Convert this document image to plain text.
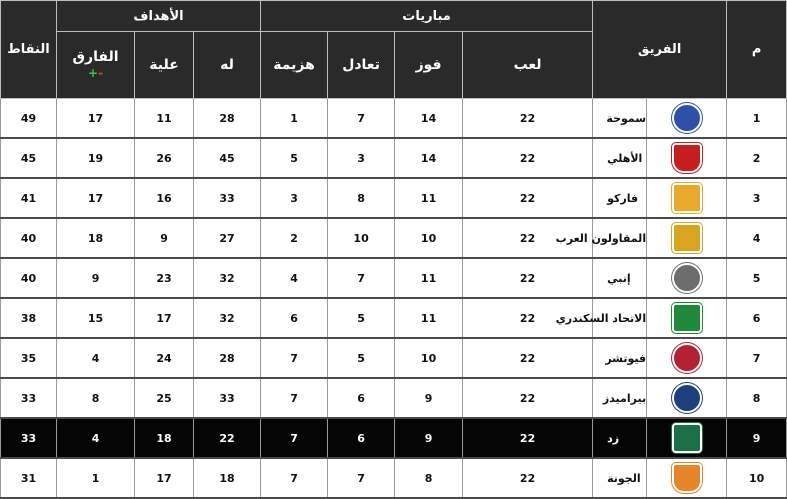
م	الفريق		مباريات				الأهداف			النقاط
			لعب	فوز	تعادل	هزيمة	له	علية	الفارق
-+	

1		سموحة	22	14	7	1	28	11	17	49
2		الأهلي	22	14	3	5	45	26	19	45
3		فاركو	22	11	8	3	33	16	17	41
4		المقاولون العرب	22	10	10	2	27	9	18	40
5		إنبي	22	11	7	4	32	23	9	40
6		الاتحاد السكندري	22	11	5	6	32	17	15	38
7		فيوتشر	22	10	5	7	28	24	4	35
8		بيراميدز	22	9	6	7	33	25	8	33
9		زد	22	9	6	7	22	18	4	33
10		الجونة	22	8	7	7	18	17	1	31
